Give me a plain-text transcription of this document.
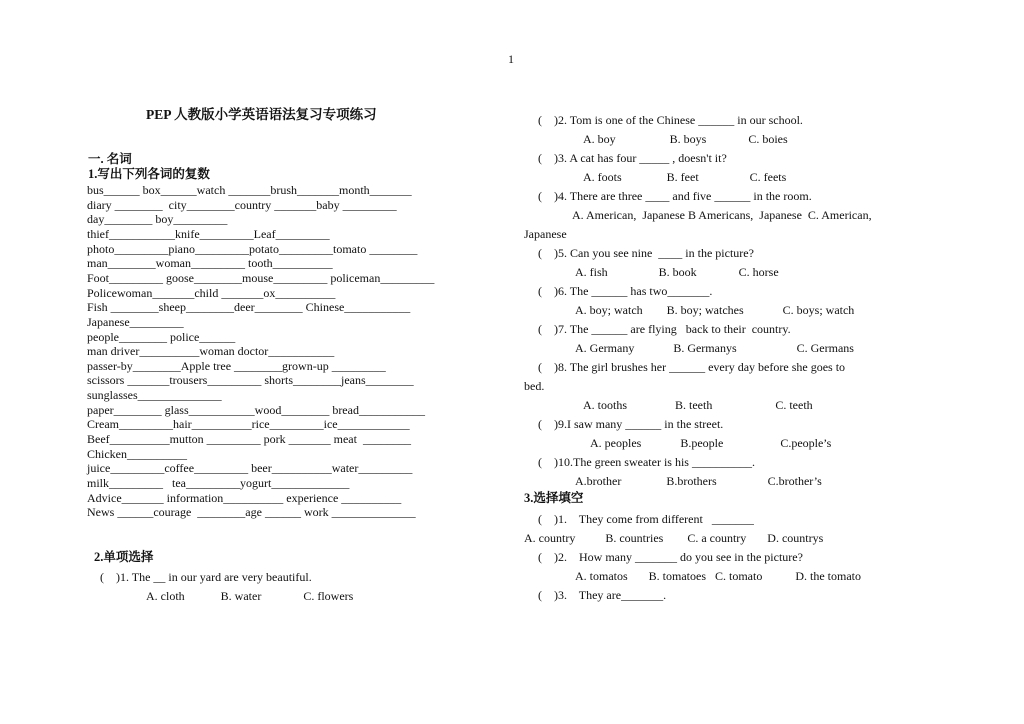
1
PEP 人教版小学英语语法复习专项练习
一. 名词
1.写出下列各词的复数
bus______ box______watch _______brush_______month_______
diary ________  city________country _______baby _________
day________ boy_________
thief___________knife_________Leaf_________
photo_________piano_________potato_________tomato ________
man________woman_________ tooth__________
Foot_________ goose________mouse_________ policeman_________
Policewoman_______child _______ox__________
Fish ________sheep________deer________ Chinese___________
Japanese_________
people________ police______
man driver__________woman doctor___________
passer-by________Apple tree ________grown-up _________
scissors _______trousers_________ shorts________jeans________
sunglasses______________
paper________ glass___________wood________ bread___________
Cream_________hair__________rice_________ice____________
Beef__________mutton _________ pork _______ meat  ________
Chicken__________
juice_________coffee_________ beer__________water_________
milk_________   tea_________yogurt_____________
Advice_______ information__________ experience __________
News ______courage  ________age ______ work ______________
2.单项选择
(    )1. The __ in our yard are very beautiful.
A. cloth            B. water              C. flowers
(    )2. Tom is one of the Chinese ______ in our school.
A. boy                  B. boys              C. boies
(    )3. A cat has four _____ , doesn't it?
A. foots               B. feet                 C. feets
(    )4. There are three ____ and five ______ in the room.
A. American,  Japanese B Americans,  Japanese  C. American,
Japanese
(    )5. Can you see nine  ____ in the picture?
A. fish                 B. book              C. horse
(    )6. The ______ has two_______.
A. boy; watch        B. boy; watches             C. boys; watch
(    )7. The ______ are flying   back to their  country.
A. Germany             B. Germanys                    C. Germans
(    )8. The girl brushes her ______ every day before she goes to
bed.
A. tooths                B. teeth                     C. teeth
(    )9.I saw many ______ in the street.
A. peoples             B.people                   C.people’s
(    )10.The green sweater is his __________.
A.brother               B.brothers                 C.brother’s
3.选择填空
(    )1.    They come from different   _______
A. country          B. countries        C. a country       D. countrys
(    )2.    How many _______ do you see in the picture?
A. tomatos       B. tomatoes   C. tomato           D. the tomato
(    )3.    They are_______.
